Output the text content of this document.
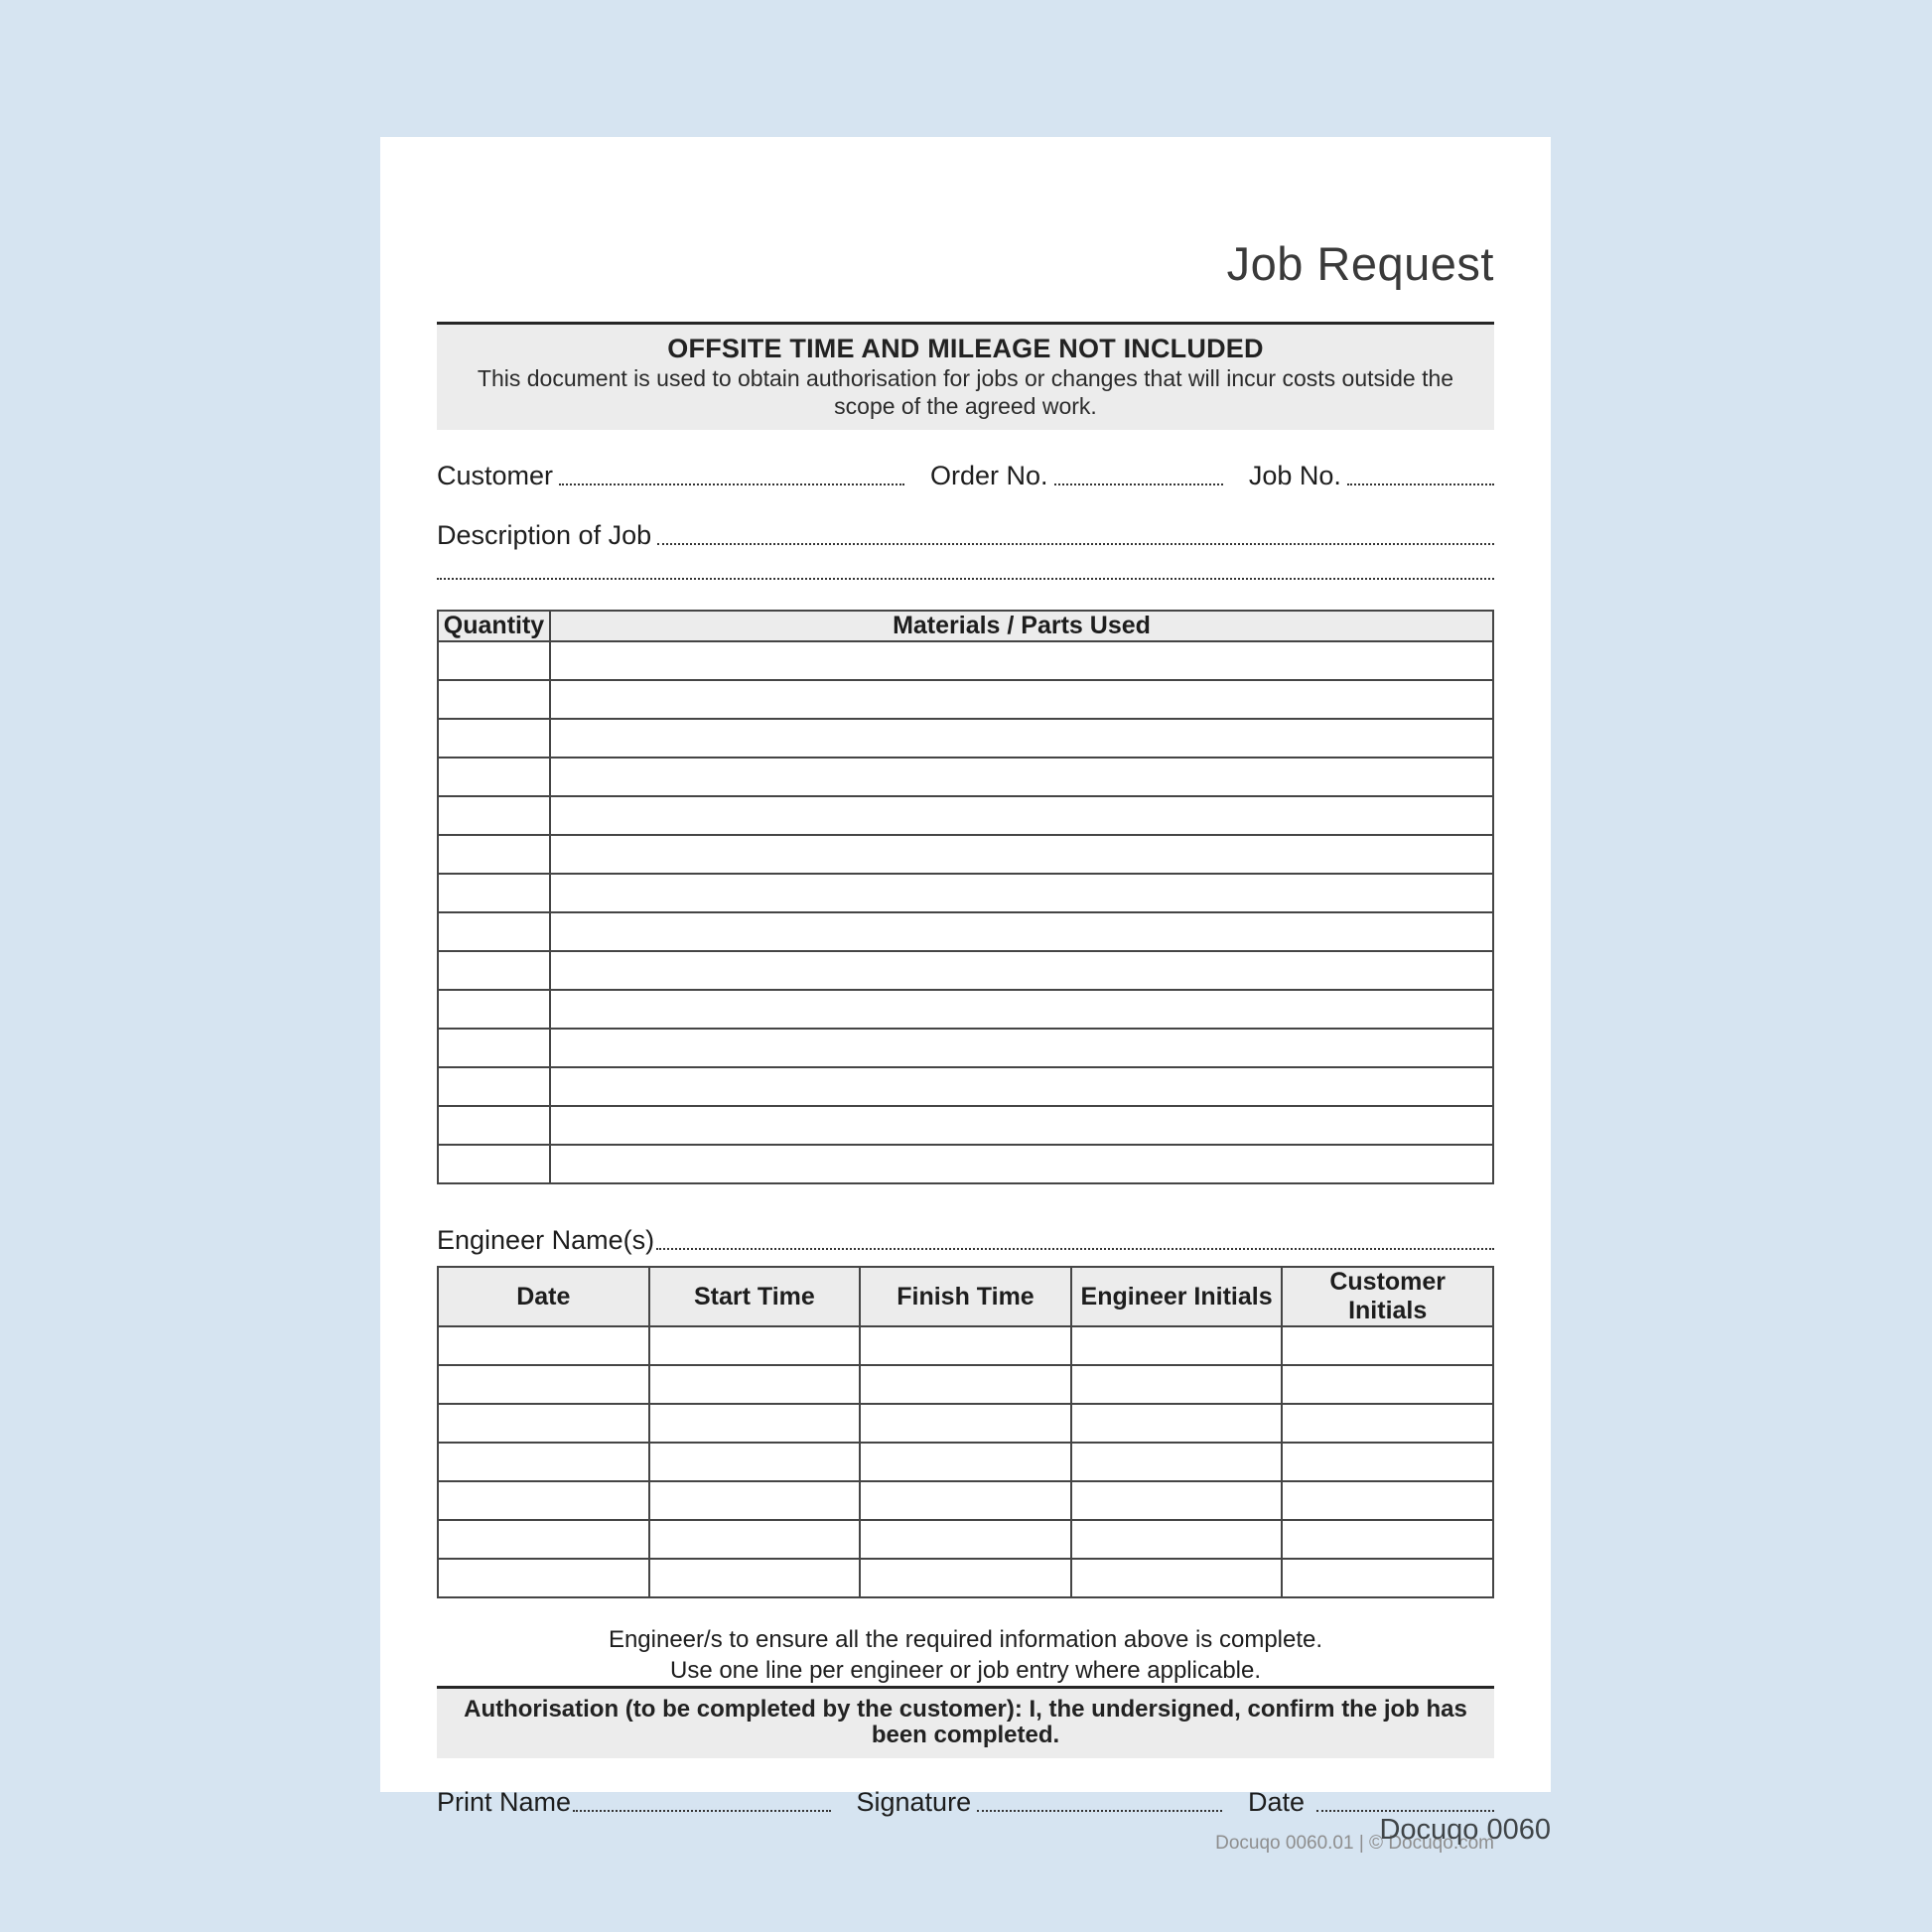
Job Request
OFFSITE TIME AND MILEAGE NOT INCLUDED
This document is used to obtain authorisation for jobs or changes that will incur costs outside the scope of the agreed work.
Customer	Order No.	Job No.
Description of Job
Quantity	Materials / Parts Used

Engineer Name(s)
Date	Start Time	Finish Time	Engineer Initials	Customer Initials

Engineer/s to ensure all the required information above is complete.
Use one line per engineer or job entry where applicable.
Authorisation (to be completed by the customer): I, the undersigned, confirm the job has been completed.
Print Name	Signature	Date
Docuqo 0060.01 | © Docuqo.com
Docuqo 0060
